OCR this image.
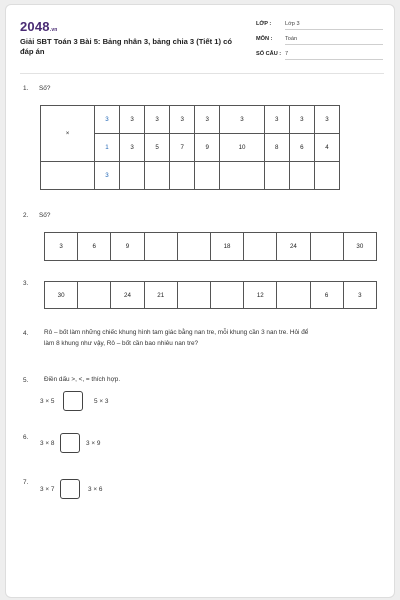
2048.vn
Giải SBT Toán 3 Bài 5: Bảng nhân 3, bảng chia 3 (Tiết 1) có đáp án
LỚP : Lớp 3
MÔN : Toán
SỐ CÂU : 7
1. Số?
×	3	3	3	3	3	3	3	3	3
	1	3	5	7	9	10	8	6	4
	3								
2. Số?
3	6	9			18		24		30
3.
30		24	21			12		6	3
4.	Rô – bốt làm những chiếc khung hình tam giác bằng nan tre, mỗi khung cần 3 nan tre. Hỏi để
làm 8 khung như vậy, Rô – bốt cần bao nhiêu nan tre?
5.	Điền dấu >, <, = thích hợp.
3 × 5	5 × 3
6.
3 × 8	3 × 9
7.
3 × 7	3 × 6
